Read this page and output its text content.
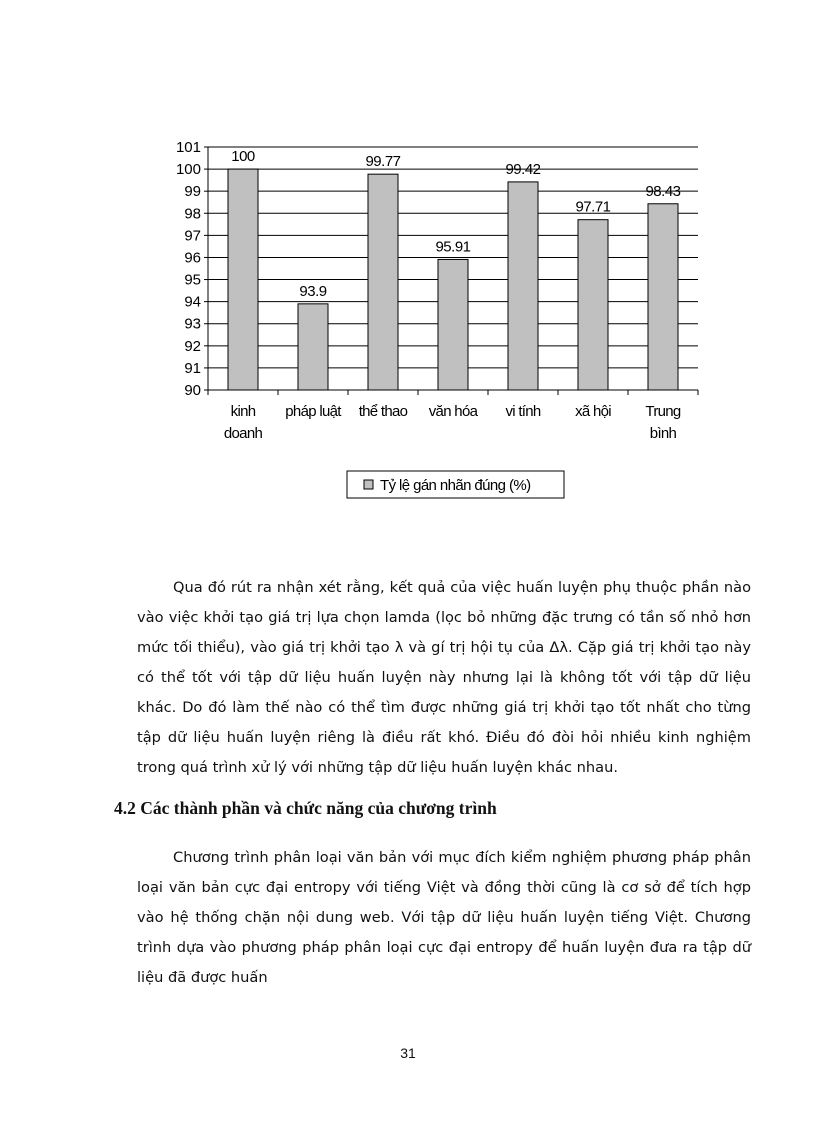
101
100
99
98
97
96
95
94
93
92
91
90
100
kinh
doanh
93.9
pháp luật
99.77
thể thao
95.91
văn hóa
99.42
vi tính
97.71
xã hội
98.43
Trung
bình
Tỷ lệ gán nhãn đúng (%)

Qua đó rút ra nhận xét rằng, kết quả của việc huấn luyện phụ thuộc phần nào vào việc khởi tạo giá trị lựa chọn lamda (lọc bỏ những đặc trưng có tần số nhỏ hơn mức tối thiểu), vào giá trị khởi tạo λ và gí trị hội tụ của Δλ. Cặp giá trị khởi tạo này có thể tốt với tập dữ liệu huấn luyện này nhưng lại là không tốt với tập dữ liệu khác. Do đó làm thế nào có thể tìm được những giá trị khởi tạo tốt nhất cho từng tập dữ liệu huấn luyện riêng là điều rất khó. Điều đó đòi hỏi nhiều kinh nghiệm trong quá trình xử lý với những tập dữ liệu huấn luyện khác nhau.

4.2 Các thành phần và chức năng của chương trình

Chương trình phân loại văn bản với mục đích kiểm nghiệm phương pháp phân loại văn bản cực đại entropy với tiếng Việt và đồng thời cũng là cơ sở để tích hợp vào hệ thống chặn nội dung web. Với tập dữ liệu huấn luyện tiếng Việt. Chương trình dựa vào phương pháp phân loại cực đại entropy để huấn luyện đưa ra tập dữ liệu đã được huấn

31
